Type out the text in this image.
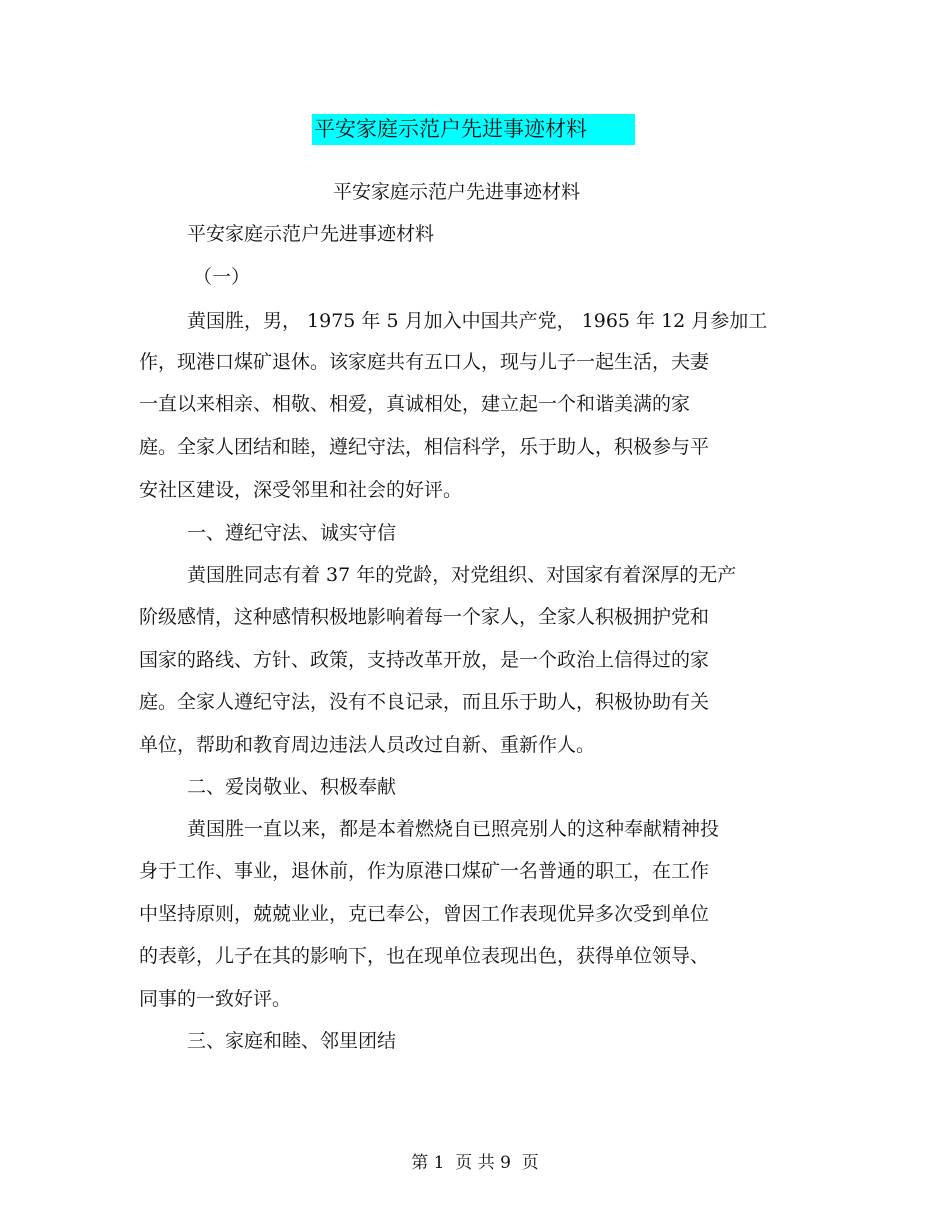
平安家庭示范户先进事迹材料
平安家庭示范户先进事迹材料
平安家庭示范户先进事迹材料
（一）
黄国胜，男， 1975 年 5 月加入中国共产党， 1965 年 12 月参加工
作，现港口煤矿退休。该家庭共有五口人，现与儿子一起生活，夫妻
一直以来相亲、相敬、相爱，真诚相处，建立起一个和谐美满的家
庭。全家人团结和睦，遵纪守法，相信科学，乐于助人，积极参与平
安社区建设，深受邻里和社会的好评。
一、遵纪守法、诚实守信
黄国胜同志有着 37 年的党龄，对党组织、对国家有着深厚的无产
阶级感情，这种感情积极地影响着每一个家人，全家人积极拥护党和
国家的路线、方针、政策，支持改革开放，是一个政治上信得过的家
庭。全家人遵纪守法，没有不良记录，而且乐于助人，积极协助有关
单位，帮助和教育周边违法人员改过自新、重新作人。
二、爱岗敬业、积极奉献
黄国胜一直以来，都是本着燃烧自已照亮别人的这种奉献精神投
身于工作、事业，退休前，作为原港口煤矿一名普通的职工，在工作
中坚持原则，兢兢业业，克已奉公，曾因工作表现优异多次受到单位
的表彰，儿子在其的影响下，也在现单位表现出色，获得单位领导、
同事的一致好评。
三、家庭和睦、邻里团结
第 1  页 共 9  页
